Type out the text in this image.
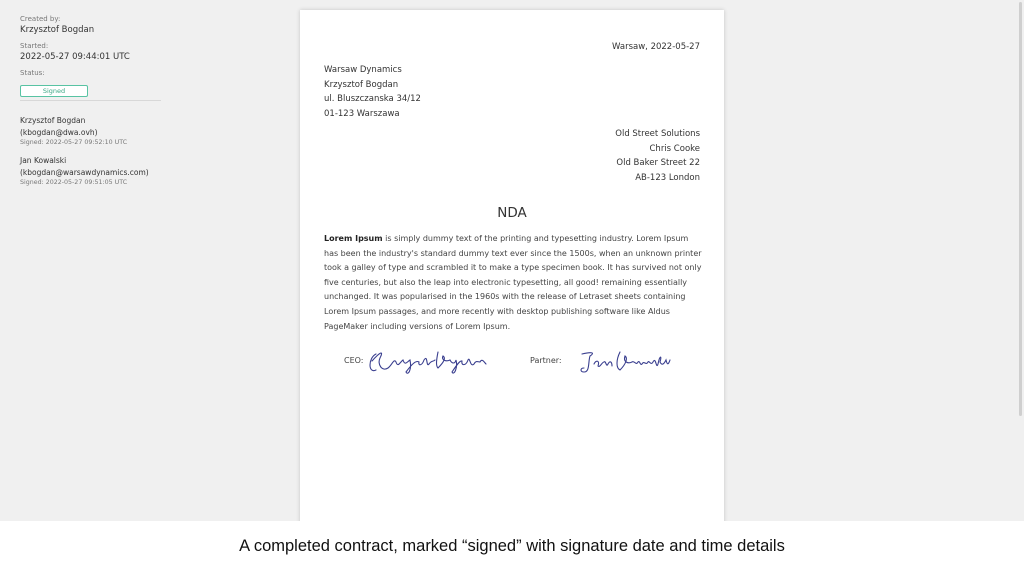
Created by:
Krzysztof Bogdan
Started:
2022-05-27 09:44:01 UTC
Status:
Signed
Krzysztof Bogdan
(kbogdan@dwa.ovh)
Signed: 2022-05-27 09:52:10 UTC
Jan Kowalski
(kbogdan@warsawdynamics.com)
Signed: 2022-05-27 09:51:05 UTC
Warsaw, 2022-05-27
Warsaw Dynamics
Krzysztof Bogdan
ul. Bluszczanska 34/12
01-123 Warszawa
Old Street Solutions
Chris Cooke
Old Baker Street 22
AB-123 London
NDA

Lorem Ipsum is simply dummy text of the printing and typesetting industry. Lorem Ipsum has been the industry's standard dummy text ever since the 1500s, when an unknown printer took a galley of type and scrambled it to make a type specimen book. It has survived not only five centuries, but also the leap into electronic typesetting, all good! remaining essentially unchanged. It was popularised in the 1960s with the release of Letraset sheets containing Lorem Ipsum passages, and more recently with desktop publishing software like Aldus PageMaker including versions of Lorem Ipsum.

CEO:	Partner:
A completed contract, marked “signed” with signature date and time details
